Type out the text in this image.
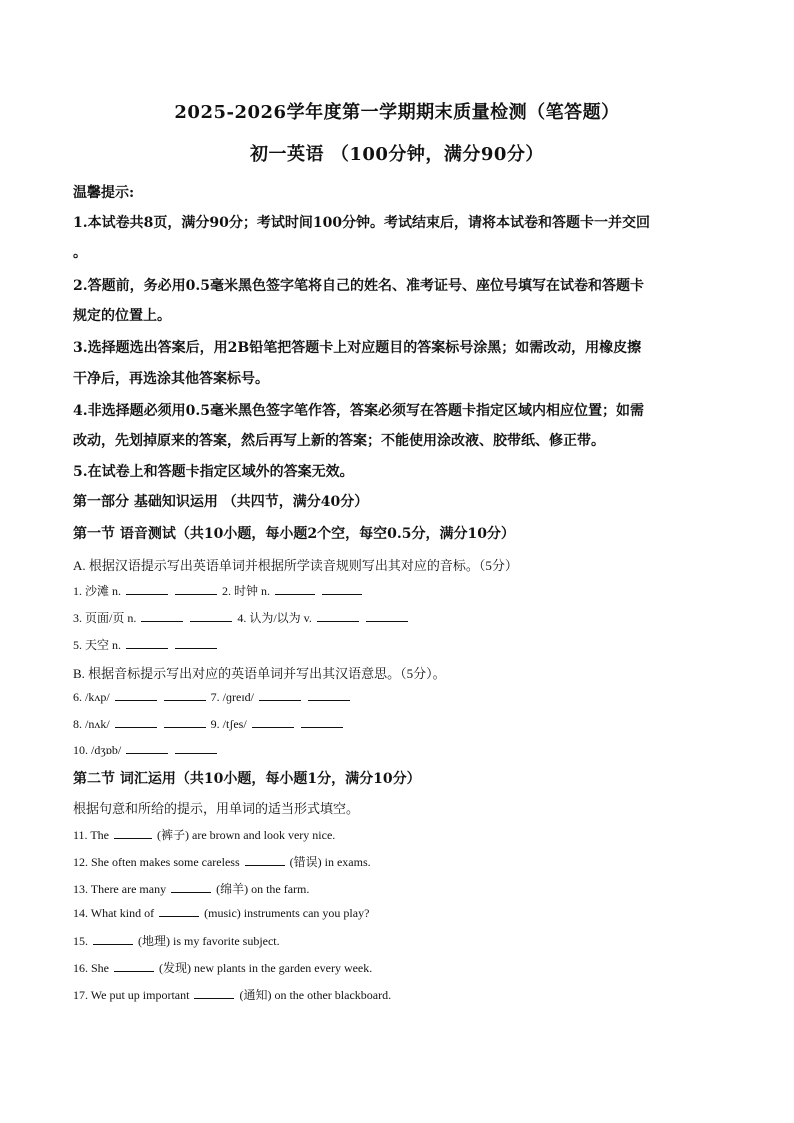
2025-2026学年度第一学期期末质量检测（笔答题）
初一英语 （100分钟，满分90分）
温馨提示:
1.本试卷共8页，满分90分；考试时间100分钟。考试结束后，请将本试卷和答题卡一并交回
。
2.答题前，务必用0.5毫米黑色签字笔将自己的姓名、准考证号、座位号填写在试卷和答题卡
规定的位置上。
3.选择题选出答案后，用2B铅笔把答题卡上对应题目的答案标号涂黑；如需改动，用橡皮擦
干净后，再选涂其他答案标号。
4.非选择题必须用0.5毫米黑色签字笔作答，答案必须写在答题卡指定区域内相应位置；如需
改动，先划掉原来的答案，然后再写上新的答案；不能使用涂改液、胶带纸、修正带。
5.在试卷上和答题卡指定区域外的答案无效。
第一部分 基础知识运用 （共四节，满分40分）
第一节 语音测试（共10小题，每小题2个空，每空0.5分，满分10分）
A. 根据汉语提示写出英语单词并根据所学读音规则写出其对应的音标。（5分）
1. 沙滩 n.	2. 时钟 n.
3. 页面/页 n.	4. 认为/以为 v.
5. 天空 n.
B. 根据音标提示写出对应的英语单词并写出其汉语意思。（5分）。
6. /kʌp/	7. /ɡreɪd/
8. /nʌk/	9. /tʃes/
10. /dʒɒb/
第二节 词汇运用（共10小题，每小题1分，满分10分）
根据句意和所给的提示，用单词的适当形式填空。
11. The	(裤子) are brown and look very nice.
12. She often makes some careless	(错误) in exams.
13. There are many	(绵羊) on the farm.
14. What kind of	(music) instruments can you play?
15.	(地理) is my favorite subject.
16. She	(发现) new plants in the garden every week.
17. We put up important	(通知) on the other blackboard.
